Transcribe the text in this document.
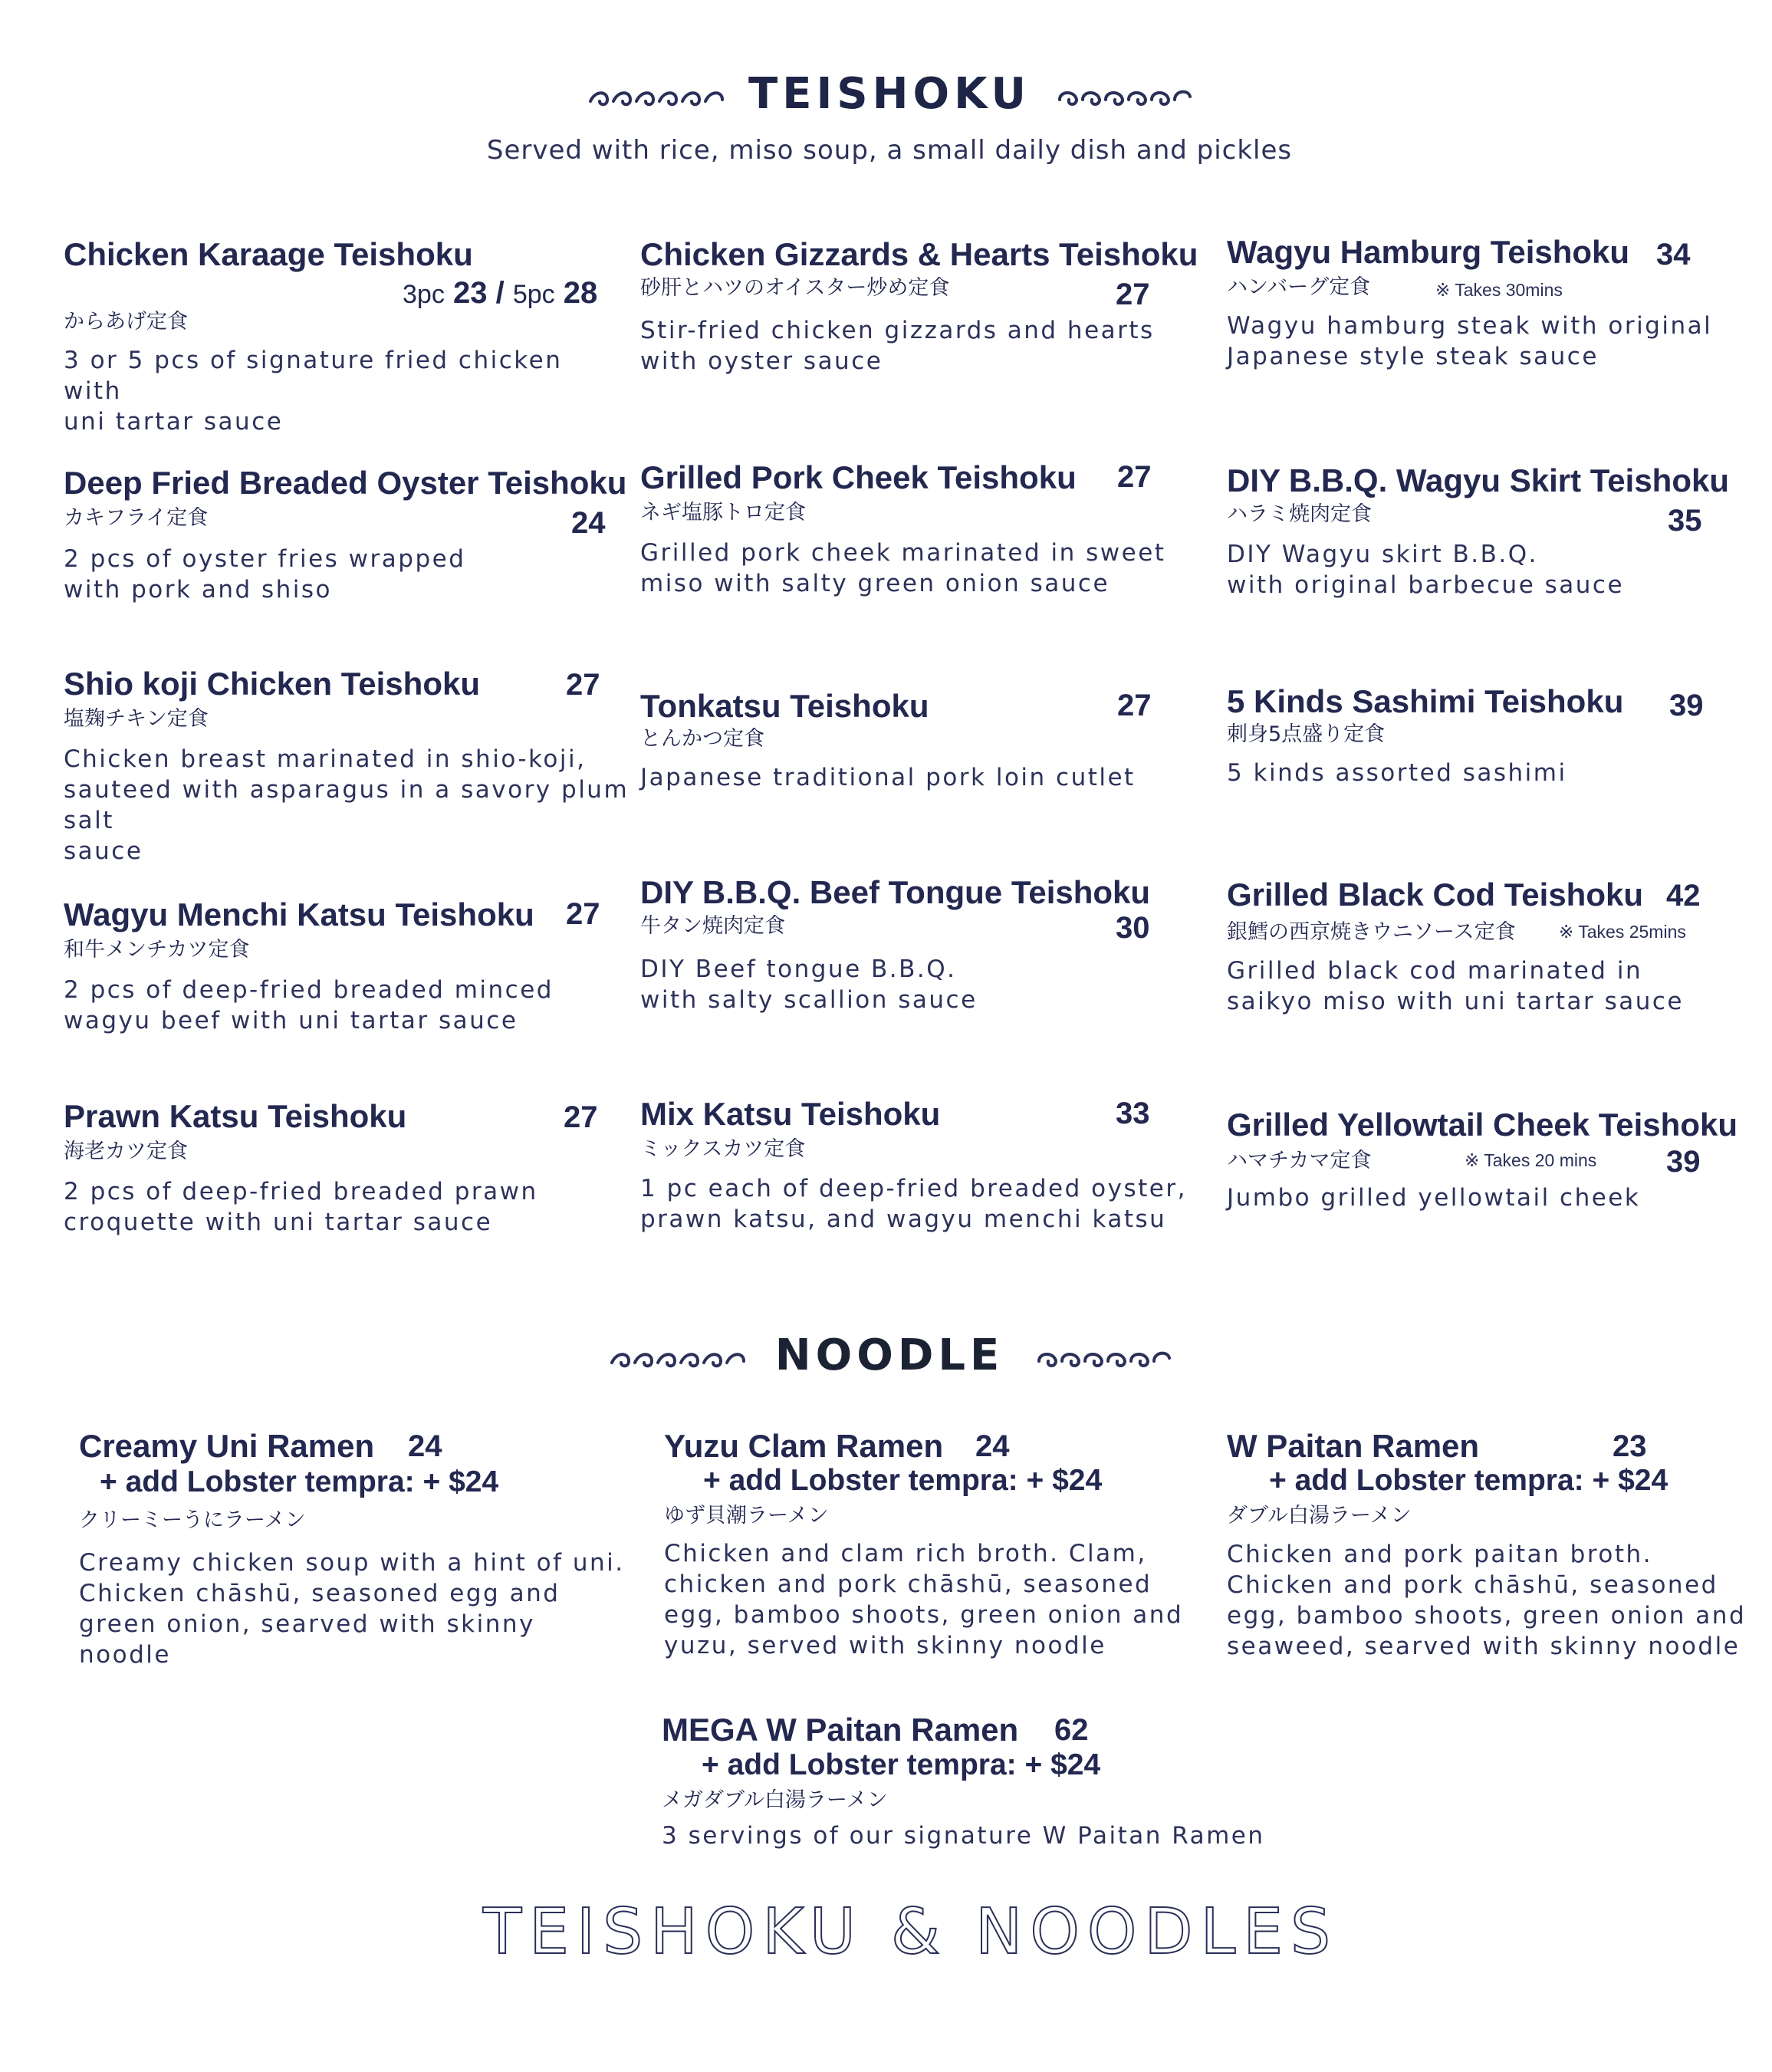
TEISHOKU
Served with rice, miso soup, a small daily dish and pickles
Chicken Karaage Teishoku
3pc 23 / 5pc 28
からあげ定食
3 or 5 pcs of signature fried chicken with
uni tartar sauce
Deep Fried Breaded Oyster Teishoku
カキフライ定食	24
2 pcs of oyster fries wrapped
with pork and shiso
Shio koji Chicken Teishoku	27
塩麹チキン定食
Chicken breast marinated in shio-koji,
sauteed with asparagus in a savory plum salt
sauce
Wagyu Menchi Katsu Teishoku 27
和牛メンチカツ定食
2 pcs of deep-fried breaded minced
wagyu beef with uni tartar sauce
Prawn Katsu Teishoku	27
海老カツ定食
2 pcs of deep-fried breaded prawn
croquette with uni tartar sauce
Chicken Gizzards & Hearts Teishoku
砂肝とハツのオイスター炒め定食	27
Stir-fried chicken gizzards and hearts
with oyster sauce
Grilled Pork Cheek Teishoku 27
ネギ塩豚トロ定食
Grilled pork cheek marinated in sweet
miso with salty green onion sauce
Tonkatsu Teishoku	27
とんかつ定食
Japanese traditional pork loin cutlet
DIY B.B.Q. Beef Tongue Teishoku
牛タン焼肉定食	30
DIY Beef tongue B.B.Q.
with salty scallion sauce
Mix Katsu Teishoku	33
ミックスカツ定食
1 pc each of deep-fried breaded oyster,
prawn katsu, and wagyu menchi katsu
Wagyu Hamburg Teishoku 34
ハンバーグ定食	※ Takes 30mins
Wagyu hamburg steak with original
Japanese style steak sauce
DIY B.B.Q. Wagyu Skirt Teishoku
ハラミ焼肉定食	35
DIY Wagyu skirt B.B.Q.
with original barbecue sauce
5 Kinds Sashimi Teishoku 39
刺身5点盛り定食
5 kinds assorted sashimi
Grilled Black Cod Teishoku 42
銀鱈の西京焼きウニソース定食 ※ Takes 25mins
Grilled black cod marinated in
saikyo miso with uni tartar sauce
Grilled Yellowtail Cheek Teishoku
ハマチカマ定食	※ Takes 20 mins 39
Jumbo grilled yellowtail cheek
NOODLE
Creamy Uni Ramen 24
+ add Lobster tempra: + $24
クリーミーうにラーメン
Creamy chicken soup with a hint of uni.
Chicken chāshū, seasoned egg and
green onion, searved with skinny noodle
Yuzu Clam Ramen 24
+ add Lobster tempra: + $24
ゆず貝潮ラーメン
Chicken and clam rich broth. Clam,
chicken and pork chāshū, seasoned
egg, bamboo shoots, green onion and
yuzu, served with skinny noodle
W Paitan Ramen	23
+ add Lobster tempra: + $24
ダブル白湯ラーメン
Chicken and pork paitan broth.
Chicken and pork chāshū, seasoned
egg, bamboo shoots, green onion and
seaweed, searved with skinny noodle
MEGA W Paitan Ramen 62
+ add Lobster tempra: + $24
メガダブル白湯ラーメン
3 servings of our signature W Paitan Ramen
TEISHOKU & NOODLES
